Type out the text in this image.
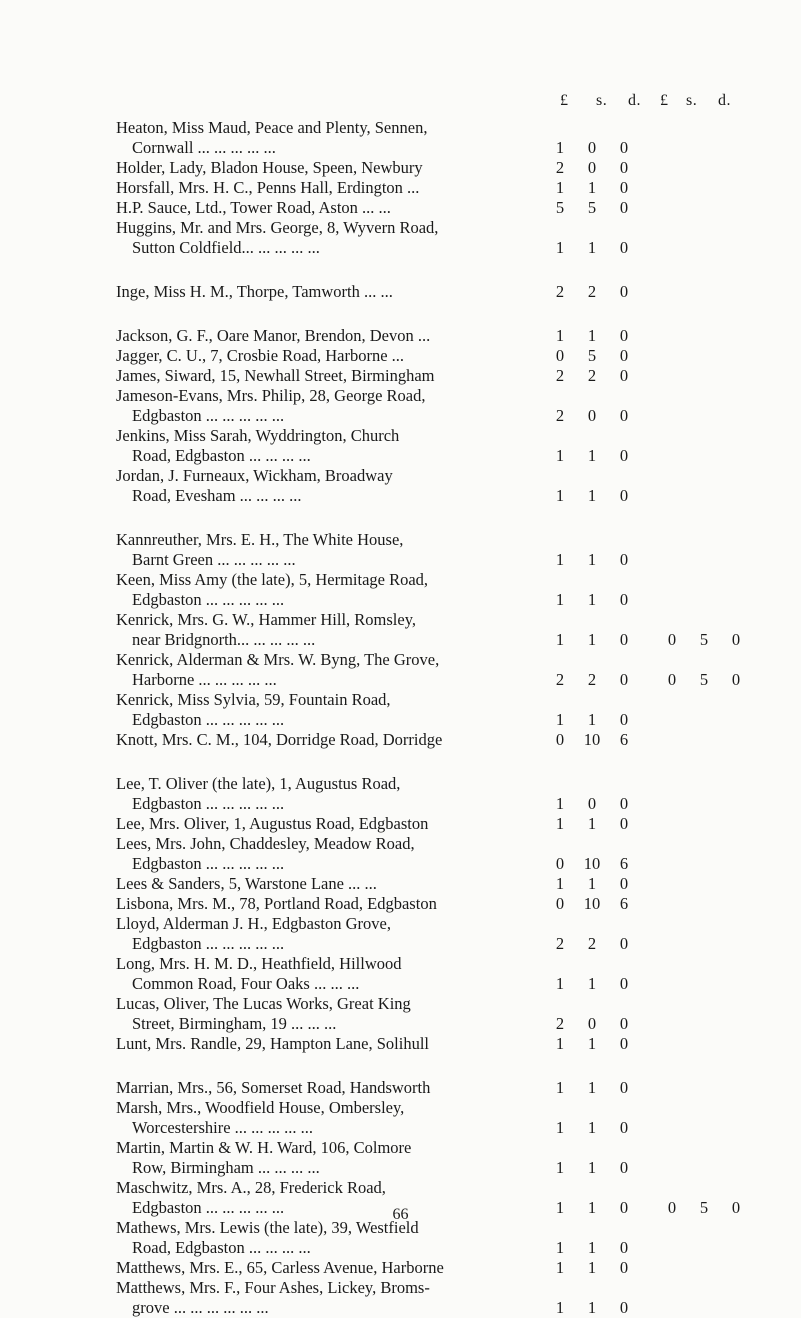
£ s. d. £ s. d.
Heaton, Miss Maud, Peace and Plenty, Sennen,
Cornwall ... ... ... ... ...	1	0	0
Holder, Lady, Bladon House, Speen, Newbury	2	0	0
Horsfall, Mrs. H. C., Penns Hall, Erdington ...	1	1	0
H.P. Sauce, Ltd., Tower Road, Aston ... ...	5	5	0
Huggins, Mr. and Mrs. George, 8, Wyvern Road,
Sutton Coldfield... ... ... ... ...	1	1	0
Inge, Miss H. M., Thorpe, Tamworth ... ...	2	2	0
Jackson, G. F., Oare Manor, Brendon, Devon ...	1	1	0
Jagger, C. U., 7, Crosbie Road, Harborne ...	0	5	0
James, Siward, 15, Newhall Street, Birmingham	2	2	0
Jameson-Evans, Mrs. Philip, 28, George Road,
Edgbaston ... ... ... ... ...	2	0	0
Jenkins, Miss Sarah, Wyddrington, Church
Road, Edgbaston ... ... ... ...	1	1	0
Jordan, J. Furneaux, Wickham, Broadway
Road, Evesham ... ... ... ...	1	1	0
Kannreuther, Mrs. E. H., The White House,
Barnt Green ... ... ... ... ...	1	1	0
Keen, Miss Amy (the late), 5, Hermitage Road,
Edgbaston ... ... ... ... ...	1	1	0
Kenrick, Mrs. G. W., Hammer Hill, Romsley,
near Bridgnorth... ... ... ... ...	1	1	0	0	5	0
Kenrick, Alderman & Mrs. W. Byng, The Grove,
Harborne ... ... ... ... ...	2	2	0	0	5	0
Kenrick, Miss Sylvia, 59, Fountain Road,
Edgbaston ... ... ... ... ...	1	1	0
Knott, Mrs. C. M., 104, Dorridge Road, Dorridge	0	10	6
Lee, T. Oliver (the late), 1, Augustus Road,
Edgbaston ... ... ... ... ...	1	0	0
Lee, Mrs. Oliver, 1, Augustus Road, Edgbaston	1	1	0
Lees, Mrs. John, Chaddesley, Meadow Road,
Edgbaston ... ... ... ... ...	0	10	6
Lees & Sanders, 5, Warstone Lane ... ...	1	1	0
Lisbona, Mrs. M., 78, Portland Road, Edgbaston	0	10	6
Lloyd, Alderman J. H., Edgbaston Grove,
Edgbaston ... ... ... ... ...	2	2	0
Long, Mrs. H. M. D., Heathfield, Hillwood
Common Road, Four Oaks ... ... ...	1	1	0
Lucas, Oliver, The Lucas Works, Great King
Street, Birmingham, 19 ... ... ...	2	0	0
Lunt, Mrs. Randle, 29, Hampton Lane, Solihull	1	1	0
Marrian, Mrs., 56, Somerset Road, Handsworth	1	1	0
Marsh, Mrs., Woodfield House, Ombersley,
Worcestershire ... ... ... ... ...	1	1	0
Martin, Martin & W. H. Ward, 106, Colmore
Row, Birmingham ... ... ... ...	1	1	0
Maschwitz, Mrs. A., 28, Frederick Road,
Edgbaston ... ... ... ... ...	1	1	0	0	5	0
Mathews, Mrs. Lewis (the late), 39, Westfield
Road, Edgbaston ... ... ... ...	1	1	0
Matthews, Mrs. E., 65, Carless Avenue, Harborne	1	1	0
Matthews, Mrs. F., Four Ashes, Lickey, Broms-
grove ... ... ... ... ... ...	1	1	0
66
